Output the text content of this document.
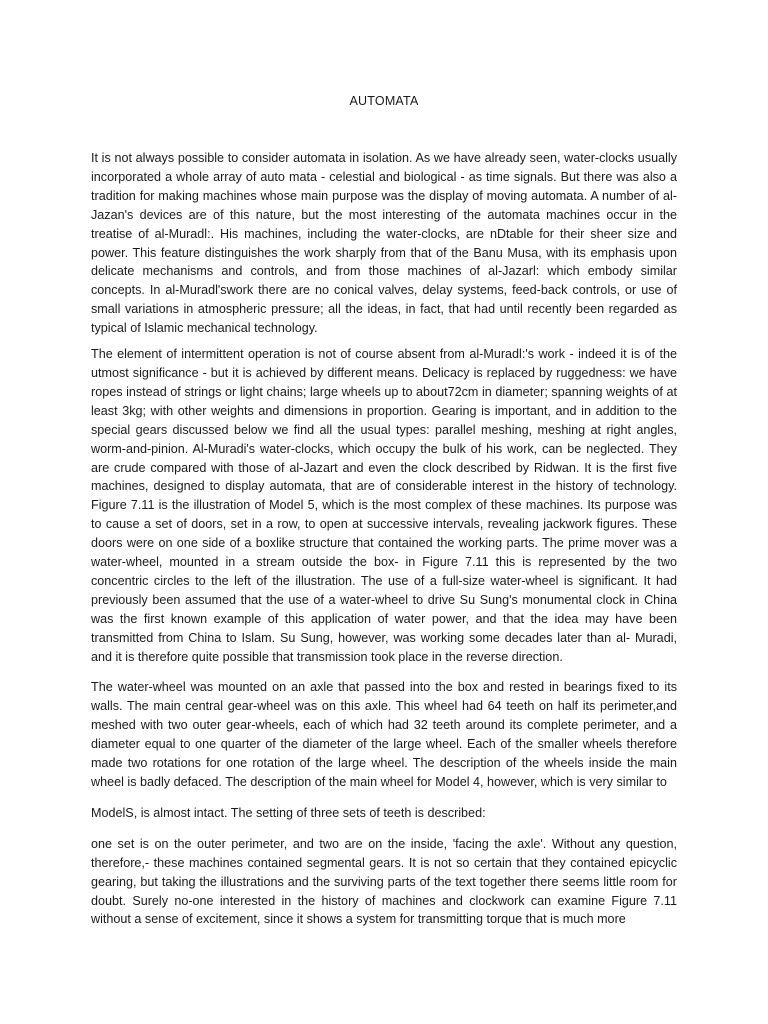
AUTOMATA

It is not always possible to consider automata in isolation. As we have already seen, water-clocks usually incorporated a whole array of auto mata - celestial and biological - as time signals. But there was also a tradition for making machines whose main purpose was the display of moving automata. A number of al-Jazan's devices are of this nature, but the most interesting of the automata machines occur in the treatise of al-Muradl:. His machines, including the water-clocks, are nDtable for their sheer size and power. This feature distinguishes the work sharply from that of the Banu Musa, with its emphasis upon delicate mechanisms and controls, and from those machines of al-Jazarl: which embody similar concepts. In al-Muradl'swork there are no conical valves, delay systems, feed-back controls, or use of small variations in atmospheric pressure; all the ideas, in fact, that had until recently been regarded as typical of Islamic mechanical technology.

The element of intermittent operation is not of course absent from al-Muradl:'s work - indeed it is of the utmost significance - but it is achieved by different means. Delicacy is replaced by ruggedness: we have ropes instead of strings or light chains; large wheels up to about72cm in diameter; spanning weights of at least 3kg; with other weights and dimensions in proportion. Gearing is important, and in addition to the special gears discussed below we find all the usual types: parallel meshing, meshing at right angles, worm-and-pinion. Al-Muradi's water-clocks, which occupy the bulk of his work, can be neglected. They are crude compared with those of al-Jazart and even the clock described by Ridwan. It is the first five machines, designed to display automata, that are of considerable interest in the history of technology. Figure 7.11 is the illustration of Model 5, which is the most complex of these machines. Its purpose was to cause a set of doors, set in a row, to open at successive intervals, revealing jackwork figures. These doors were on one side of a boxlike structure that contained the working parts. The prime mover was a water-wheel, mounted in a stream outside the box- in Figure 7.11 this is represented by the two concentric circles to the left of the illustration. The use of a full-size water-wheel is significant. It had previously been assumed that the use of a water-wheel to drive Su Sung's monumental clock in China was the first known example of this application of water power, and that the idea may have been transmitted from China to Islam. Su Sung, however, was working some decades later than al- Muradi, and it is therefore quite possible that transmission took place in the reverse direction.

The water-wheel was mounted on an axle that passed into the box and rested in bearings fixed to its walls. The main central gear-wheel was on this axle. This wheel had 64 teeth on half its perimeter,and meshed with two outer gear-wheels, each of which had 32 teeth around its complete perimeter, and a diameter equal to one quarter of the diameter of the large wheel. Each of the smaller wheels therefore made two rotations for one rotation of the large wheel. The description of the wheels inside the main wheel is badly defaced. The description of the main wheel for Model 4, however, which is very similar to

ModelS, is almost intact. The setting of three sets of teeth is described:

one set is on the outer perimeter, and two are on the inside, 'facing the axle'. Without any question, therefore,- these machines contained segmental gears. It is not so certain that they contained epicyclic gearing, but taking the illustrations and the surviving parts of the text together there seems little room for doubt. Surely no-one interested in the history of machines and clockwork can examine Figure 7.11 without a sense of excitement, since it shows a system for transmitting torque that is much more
